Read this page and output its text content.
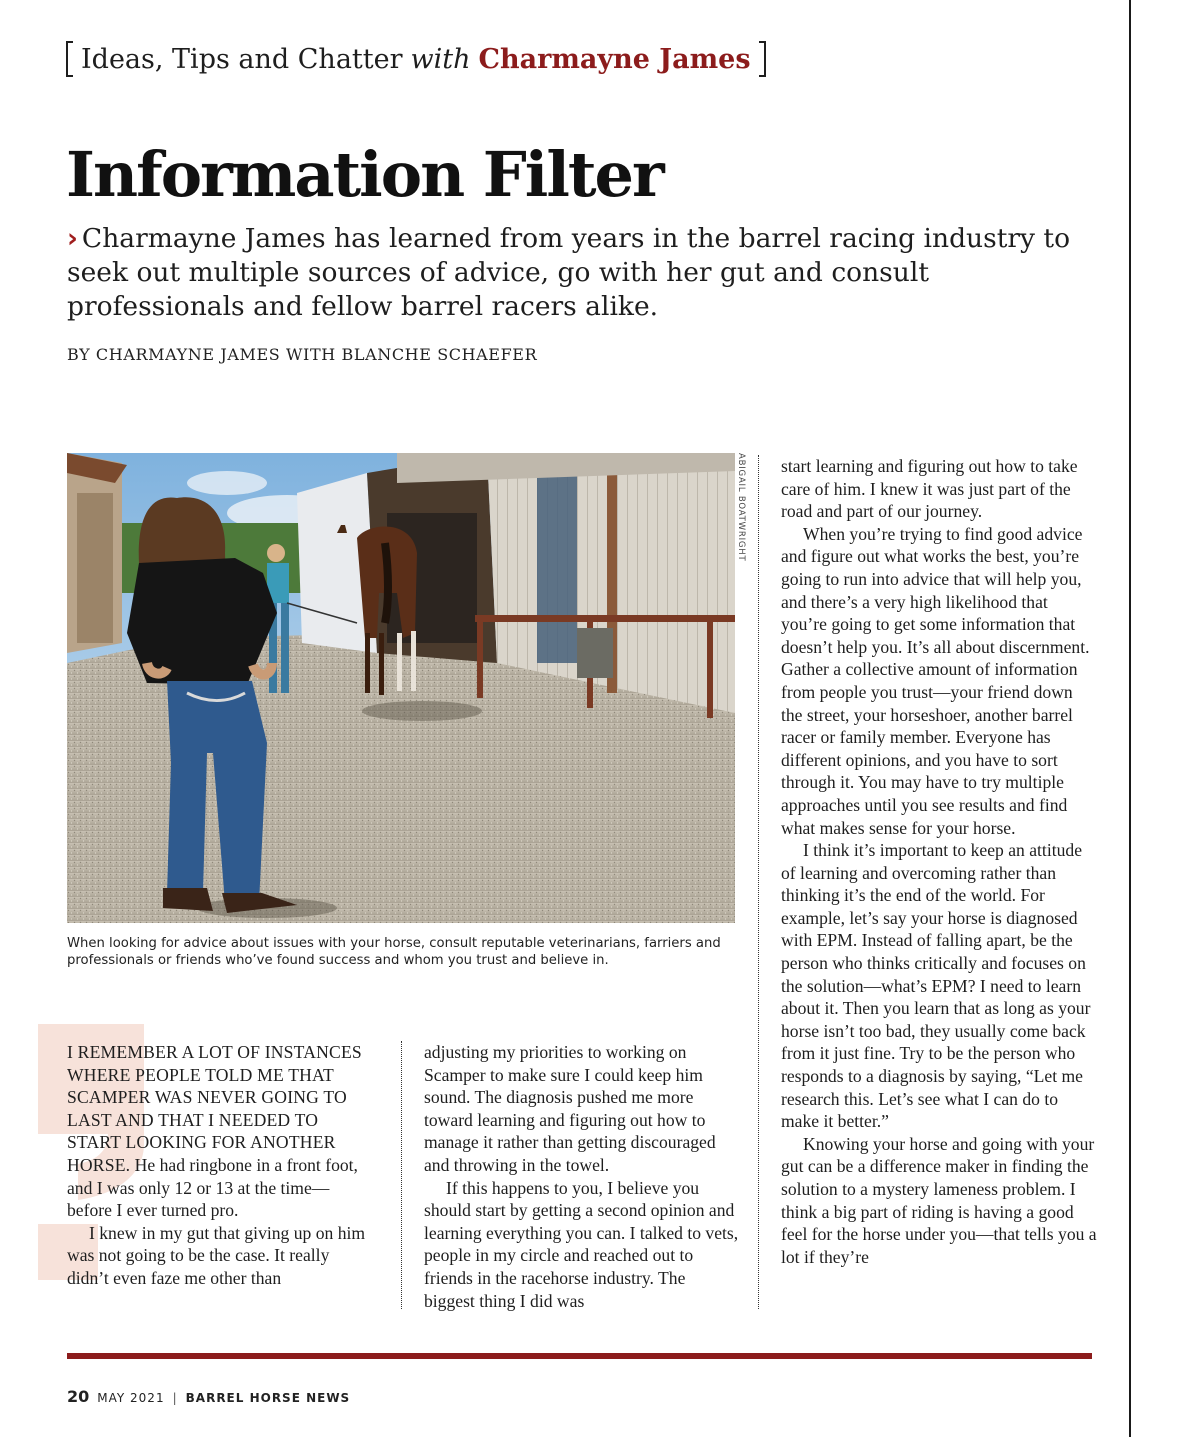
Ideas, Tips and Chatter with Charmayne James
Information Filter
› Charmayne James has learned from years in the barrel racing industry to seek out multiple sources of advice, go with her gut and consult professionals and fellow barrel racers alike.
BY CHARMAYNE JAMES WITH BLANCHE SCHAEFER
ABIGAIL BOATWRIGHT
When looking for advice about issues with your horse, consult reputable veterinarians, farriers and professionals or friends who’ve found success and whom you trust and believe in.

I REMEMBER A LOT OF INSTANCES WHERE PEOPLE TOLD ME THAT SCAMPER WAS NEVER GOING TO LAST AND THAT I NEEDED TO START LOOKING FOR ANOTHER HORSE. He had ringbone in a front foot, and I was only 12 or 13 at the time—before I ever turned pro.

I knew in my gut that giving up on him was not going to be the case. It really didn’t even faze me other than

adjusting my priorities to working on Scamper to make sure I could keep him sound. The diagnosis pushed me more toward learning and figuring out how to manage it rather than getting discouraged and throwing in the towel.

If this happens to you, I believe you should start by getting a second opinion and learning everything you can. I talked to vets, people in my circle and reached out to friends in the racehorse industry. The biggest thing I did was

start learning and figuring out how to take care of him. I knew it was just part of the road and part of our journey.

When you’re trying to find good advice and figure out what works the best, you’re going to run into advice that will help you, and there’s a very high likelihood that you’re going to get some information that doesn’t help you. It’s all about discernment. Gather a collective amount of information from people you trust—your friend down the street, your horseshoer, another barrel racer or family member. Everyone has different opinions, and you have to sort through it. You may have to try multiple approaches until you see results and find what makes sense for your horse.

I think it’s important to keep an attitude of learning and overcoming rather than thinking it’s the end of the world. For example, let’s say your horse is diagnosed with EPM. Instead of falling apart, be the person who thinks critically and focuses on the solution—what’s EPM? I need to learn about it. Then you learn that as long as your horse isn’t too bad, they usually come back from it just fine. Try to be the person who responds to a diagnosis by saying, “Let me research this. Let’s see what I can do to make it better.”

Knowing your horse and going with your gut can be a difference maker in finding the solution to a mystery lameness problem. I think a big part of riding is having a good feel for the horse under you—that tells you a lot if they’re

20 MAY 2021 | BARREL HORSE NEWS
